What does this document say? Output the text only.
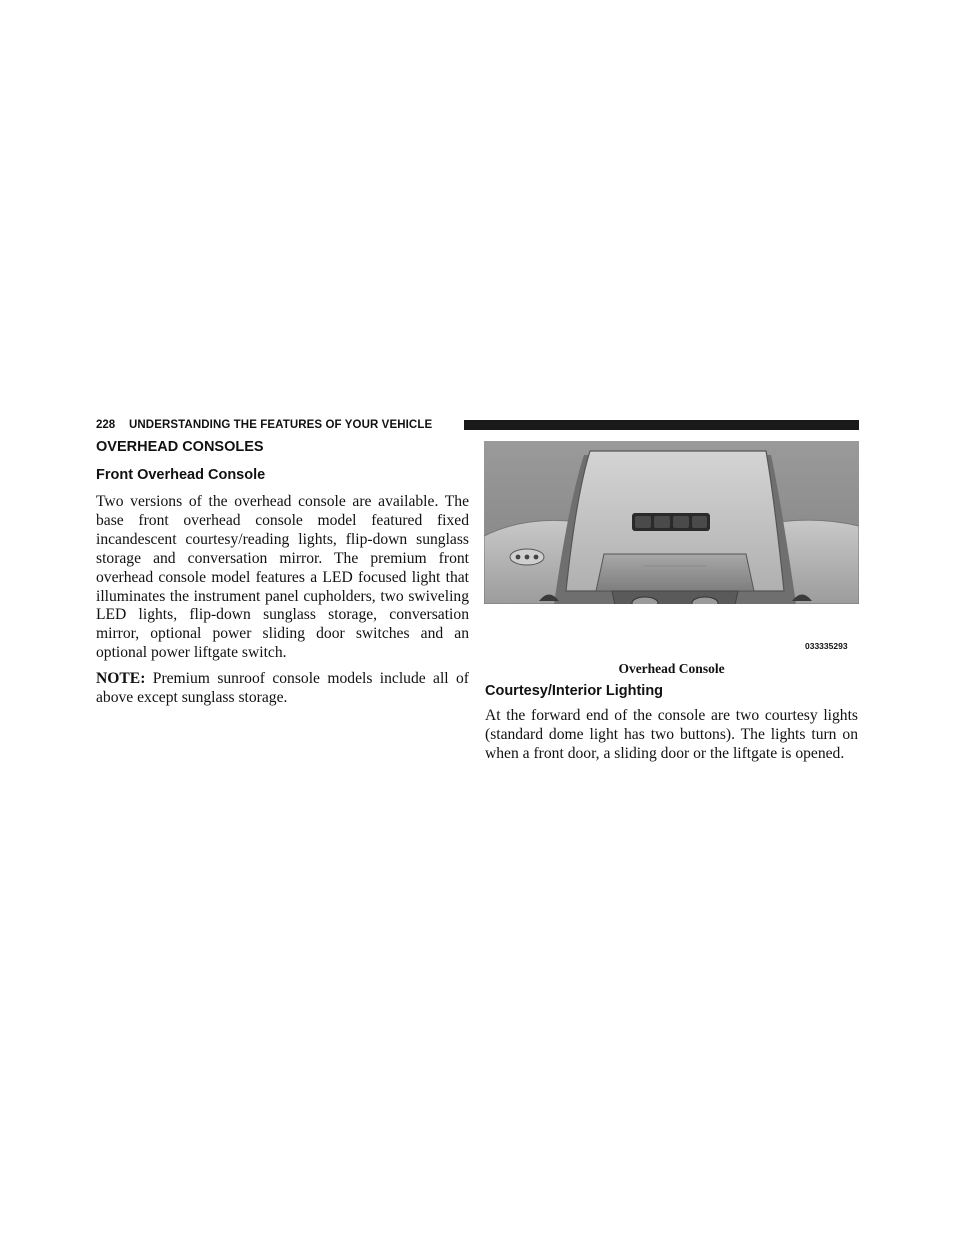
228 UNDERSTANDING THE FEATURES OF YOUR VEHICLE
OVERHEAD CONSOLES
Front Overhead Console

Two versions of the overhead console are available. The base front overhead console model featured fixed incandescent courtesy/reading lights, flip-down sunglass storage and conversation mirror. The premium front overhead console model features a LED focused light that illuminates the instrument panel cupholders, two swiveling LED lights, flip-down sunglass storage, conversation mirror, optional power sliding door switches and an optional power liftgate switch.

NOTE: Premium sunroof console models include all of above except sunglass storage.

033335293
Overhead Console
Courtesy/Interior Lighting

At the forward end of the console are two courtesy lights (standard dome light has two buttons). The lights turn on when a front door, a sliding door or the liftgate is opened.
